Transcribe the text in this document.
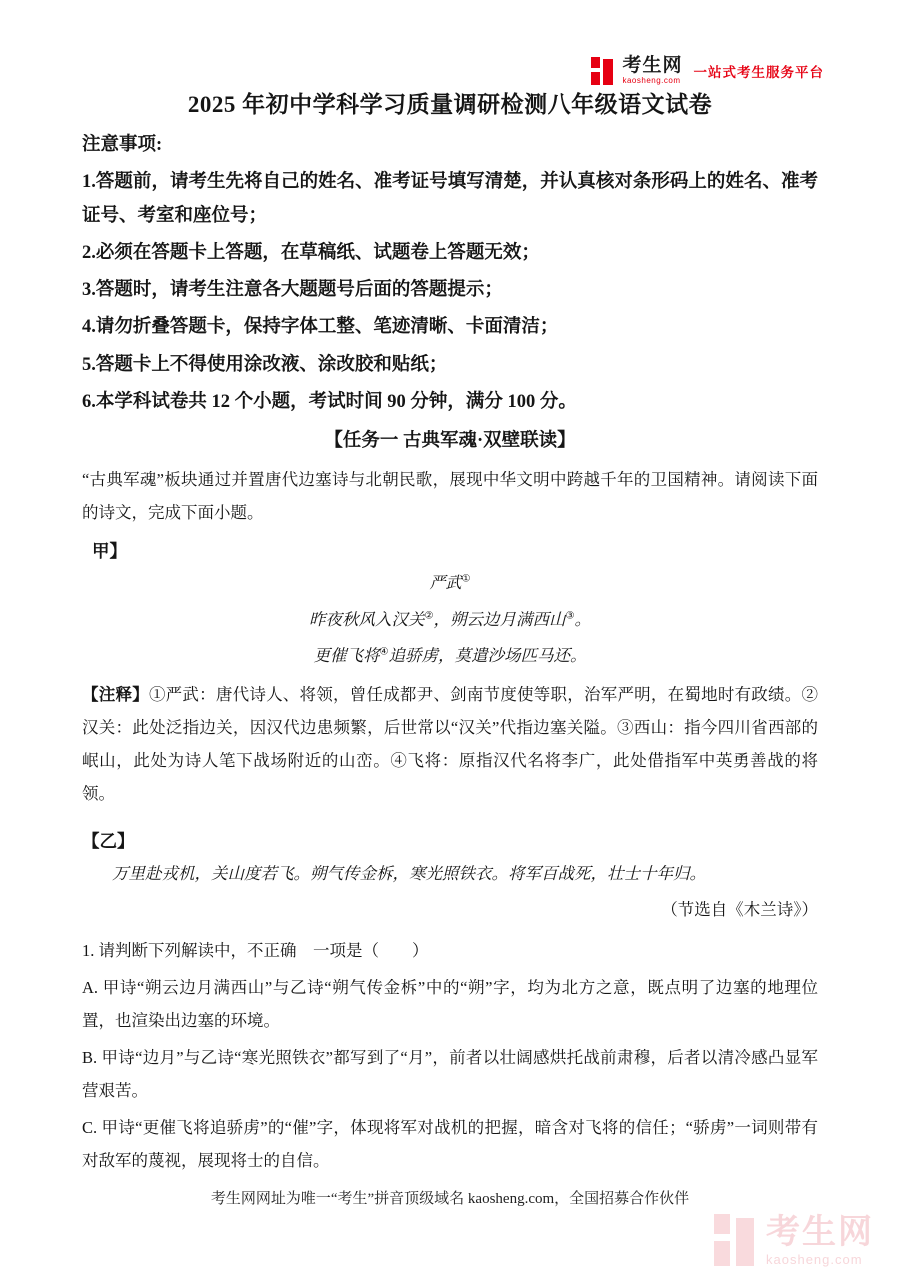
考生网
kaosheng.com
一站式考生服务平台
2025 年初中学科学习质量调研检测八年级语文试卷
注意事项:

1.答题前，请考生先将自己的姓名、准考证号填写清楚，并认真核对条形码上的姓名、准考证号、考室和座位号；

2.必须在答题卡上答题，在草稿纸、试题卷上答题无效；

3.答题时，请考生注意各大题题号后面的答题提示；

4.请勿折叠答题卡，保持字体工整、笔迹清晰、卡面清洁；

5.答题卡上不得使用涂改液、涂改胶和贴纸；

6.本学科试卷共 12 个小题，考试时间 90 分钟，满分 100 分。

【任务一 古典军魂·双壁联读】

“古典军魂”板块通过并置唐代边塞诗与北朝民歌，展现中华文明中跨越千年的卫国精神。请阅读下面的诗文，完成下面小题。

甲】
严武①
昨夜秋风入汉关②，朔云边月满西山③。
更催飞将④追骄虏，莫遣沙场匹马还。

【注释】①严武：唐代诗人、将领，曾任成都尹、剑南节度使等职，治军严明，在蜀地时有政绩。②汉关：此处泛指边关，因汉代边患频繁，后世常以“汉关”代指边塞关隘。③西山：指今四川省西部的岷山，此处为诗人笔下战场附近的山峦。④飞将：原指汉代名将李广，此处借指军中英勇善战的将领。

【乙】
万里赴戎机，关山度若飞。朔气传金柝，寒光照铁衣。将军百战死，壮士十年归。
（节选自《木兰诗》）
1. 请判断下列解读中，不正确　一项是（　　）

A. 甲诗“朔云边月满西山”与乙诗“朔气传金柝”中的“朔”字，均为北方之意，既点明了边塞的地理位置，也渲染出边塞的环境。

B. 甲诗“边月”与乙诗“寒光照铁衣”都写到了“月”，前者以壮阔感烘托战前肃穆，后者以清冷感凸显军营艰苦。

C. 甲诗“更催飞将追骄虏”的“催”字，体现将军对战机的把握，暗含对飞将的信任；“骄虏”一词则带有对敌军的蔑视，展现将士的自信。

考生网网址为唯一“考生”拼音顶级域名 kaosheng.com，全国招募合作伙伴
考生网
kaosheng.com
